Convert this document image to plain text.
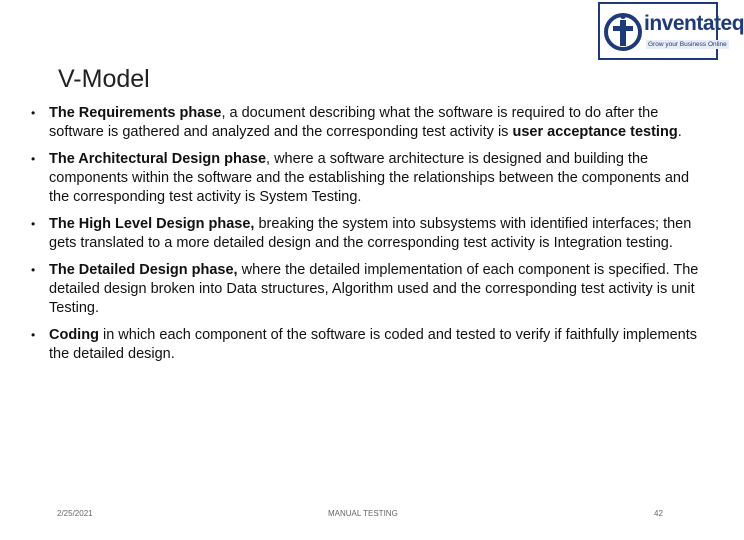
inventateq
Grow your Business Online
V-Model
• The Requirements phase, a document describing what the software is required to do after the software is gathered and analyzed and the corresponding test activity is user acceptance testing.
• The Architectural Design phase, where a software architecture is designed and building the components within the software and the establishing the relationships between the components and the corresponding test activity is System Testing.
• The High Level Design phase, breaking the system into subsystems with identified interfaces; then gets translated to a more detailed design and the corresponding test activity is Integration testing.
• The Detailed Design phase, where the detailed implementation of each component is specified. The detailed design broken into Data structures, Algorithm used and the corresponding test activity is unit Testing.
• Coding in which each component of the software is coded and tested to verify if faithfully implements the detailed design.
2/25/2021	MANUAL TESTING	42
